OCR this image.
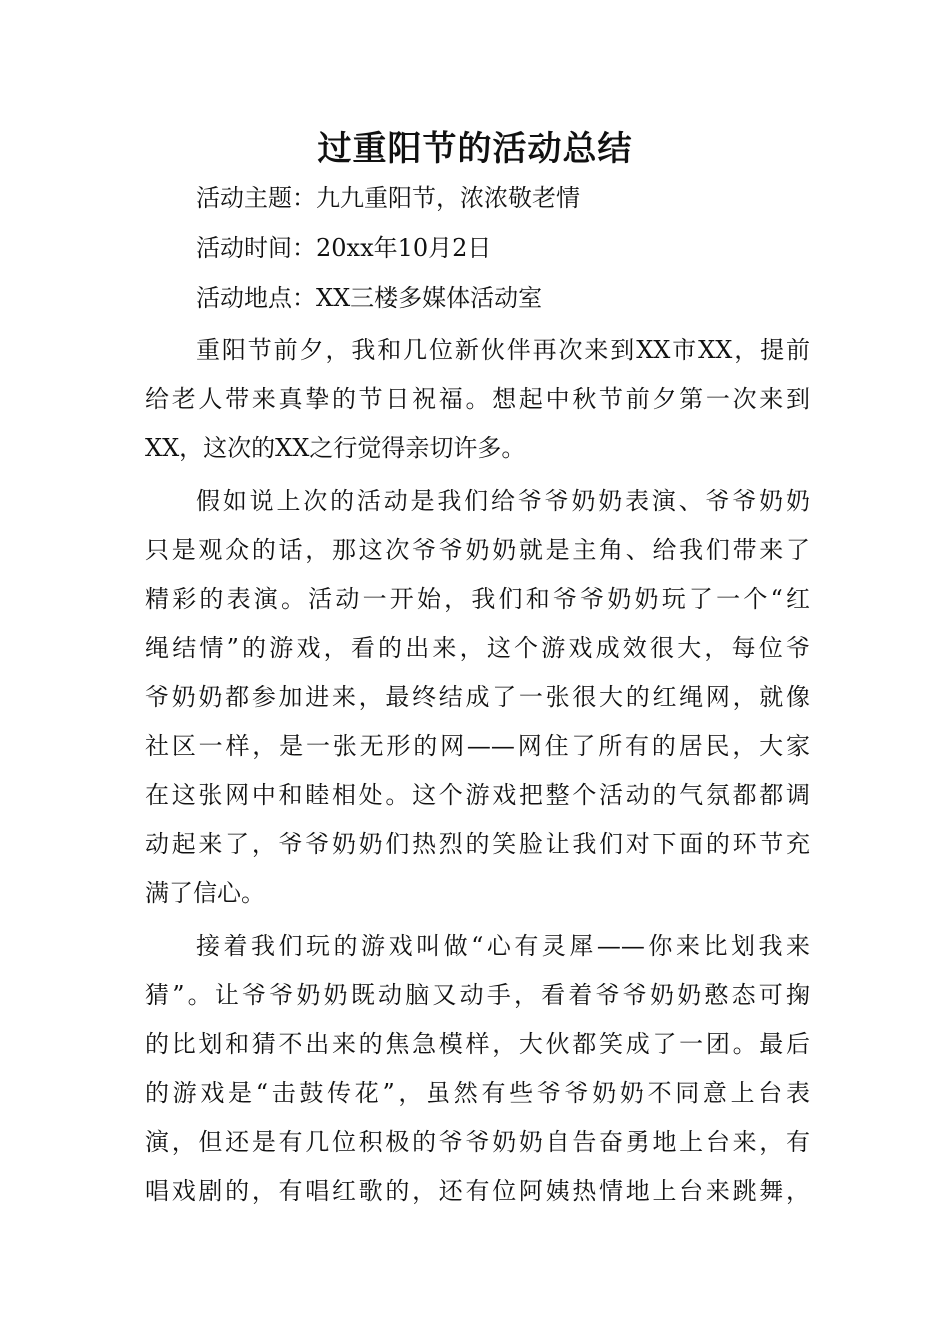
过重阳节的活动总结

活动主题：九九重阳节，浓浓敬老情

活动时间：20xx年10月2日

活动地点：XX三楼多媒体活动室

重阳节前夕，我和几位新伙伴再次来到XX市XX，提前

给老人带来真挚的节日祝福。想起中秋节前夕第一次来到

XX，这次的XX之行觉得亲切许多。

假如说上次的活动是我们给爷爷奶奶表演、爷爷奶奶

只是观众的话，那这次爷爷奶奶就是主角、给我们带来了

精彩的表演。活动一开始，我们和爷爷奶奶玩了一个“红

绳结情”的游戏，看的出来，这个游戏成效很大，每位爷

爷奶奶都参加进来，最终结成了一张很大的红绳网，就像

社区一样，是一张无形的网——网住了所有的居民，大家

在这张网中和睦相处。这个游戏把整个活动的气氛都都调

动起来了，爷爷奶奶们热烈的笑脸让我们对下面的环节充

满了信心。

接着我们玩的游戏叫做“心有灵犀——你来比划我来

猜”。让爷爷奶奶既动脑又动手，看着爷爷奶奶憨态可掬

的比划和猜不出来的焦急模样，大伙都笑成了一团。最后

的游戏是“击鼓传花”，虽然有些爷爷奶奶不同意上台表

演，但还是有几位积极的爷爷奶奶自告奋勇地上台来，有

唱戏剧的，有唱红歌的，还有位阿姨热情地上台来跳舞，
